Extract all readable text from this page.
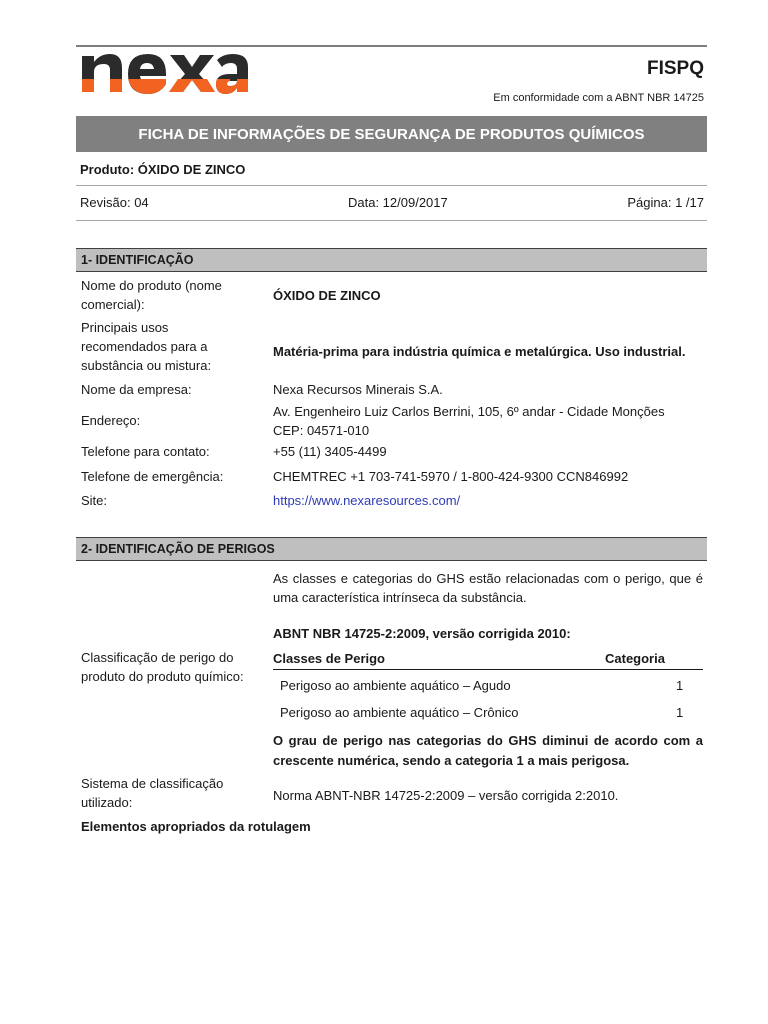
FISPQ
Em conformidade com a ABNT NBR 14725
FICHA DE INFORMAÇÕES DE SEGURANÇA DE PRODUTOS QUÍMICOS
Produto: ÓXIDO DE ZINCO
Revisão: 04	Data: 12/09/2017	Página: 1 /17
1- IDENTIFICAÇÃO
Nome do produto (nome comercial):
ÓXIDO DE ZINCO
Principais usos recomendados para a substância ou mistura:
Matéria-prima para indústria química e metalúrgica. Uso industrial.
Nome da empresa:	Nexa Recursos Minerais S.A.
Endereço:
Av. Engenheiro Luiz Carlos Berrini, 105, 6º andar - Cidade Monções CEP: 04571-010
Telefone para contato:	+55 (11) 3405-4499
Telefone de emergência:	CHEMTREC +1 703-741-5970 / 1-800-424-9300 CCN846992
Site:	https://www.nexaresources.com/
2- IDENTIFICAÇÃO DE PERIGOS
As classes e categorias do GHS estão relacionadas com o perigo, que é uma característica intrínseca da substância.
ABNT NBR 14725-2:2009, versão corrigida 2010:
Classificação de perigo do produto do produto químico:
Classes de Perigo	Categoria
Perigoso ao ambiente aquático – Agudo	1
Perigoso ao ambiente aquático – Crônico	1
O grau de perigo nas categorias do GHS diminui de acordo com a crescente numérica, sendo a categoria 1 a mais perigosa.
Sistema de classificação utilizado:	Norma ABNT-NBR 14725-2:2009 – versão corrigida 2:2010.
Elementos apropriados da rotulagem
